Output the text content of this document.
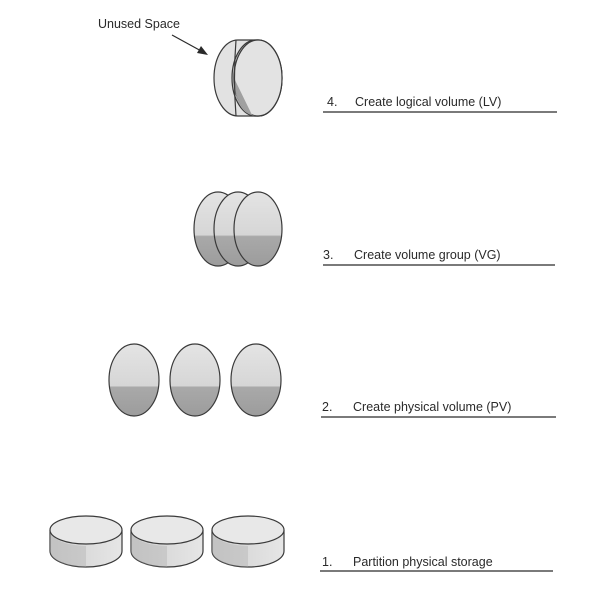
Unused Space
4. Create logical volume (LV)
3. Create volume group (VG)
2. Create physical volume (PV)
1. Partition physical storage
